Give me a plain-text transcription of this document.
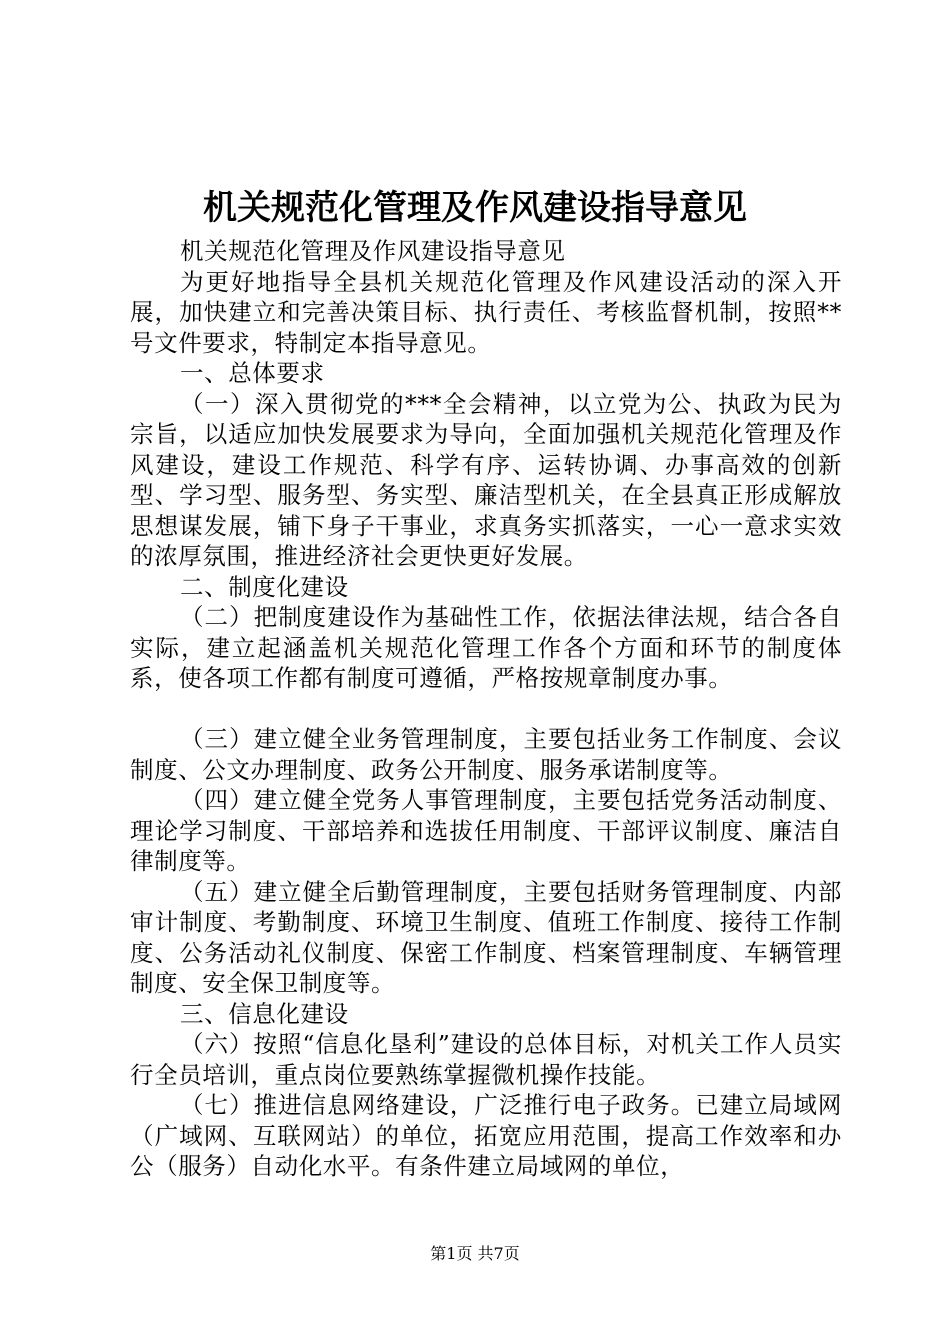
机关规范化管理及作风建设指导意见

机关规范化管理及作风建设指导意见

为更好地指导全县机关规范化管理及作风建设活动的深入开展，加快建立和完善决策目标、执行责任、考核监督机制，按照**号文件要求，特制定本指导意见。

一、总体要求

（一）深入贯彻党的***全会精神，以立党为公、执政为民为宗旨，以适应加快发展要求为导向，全面加强机关规范化管理及作风建设，建设工作规范、科学有序、运转协调、办事高效的创新型、学习型、服务型、务实型、廉洁型机关，在全县真正形成解放思想谋发展，铺下身子干事业，求真务实抓落实，一心一意求实效的浓厚氛围，推进经济社会更快更好发展。

二、制度化建设

（二）把制度建设作为基础性工作，依据法律法规，结合各自实际，建立起涵盖机关规范化管理工作各个方面和环节的制度体系，使各项工作都有制度可遵循，严格按规章制度办事。

（三）建立健全业务管理制度，主要包括业务工作制度、会议制度、公文办理制度、政务公开制度、服务承诺制度等。

（四）建立健全党务人事管理制度，主要包括党务活动制度、理论学习制度、干部培养和选拔任用制度、干部评议制度、廉洁自律制度等。

（五）建立健全后勤管理制度，主要包括财务管理制度、内部审计制度、考勤制度、环境卫生制度、值班工作制度、接待工作制度、公务活动礼仪制度、保密工作制度、档案管理制度、车辆管理制度、安全保卫制度等。

三、信息化建设

（六）按照“信息化垦利”建设的总体目标，对机关工作人员实行全员培训，重点岗位要熟练掌握微机操作技能。

（七）推进信息网络建设，广泛推行电子政务。已建立局域网（广域网、互联网站）的单位，拓宽应用范围，提高工作效率和办公（服务）自动化水平。有条件建立局域网的单位，

第1页 共7页
